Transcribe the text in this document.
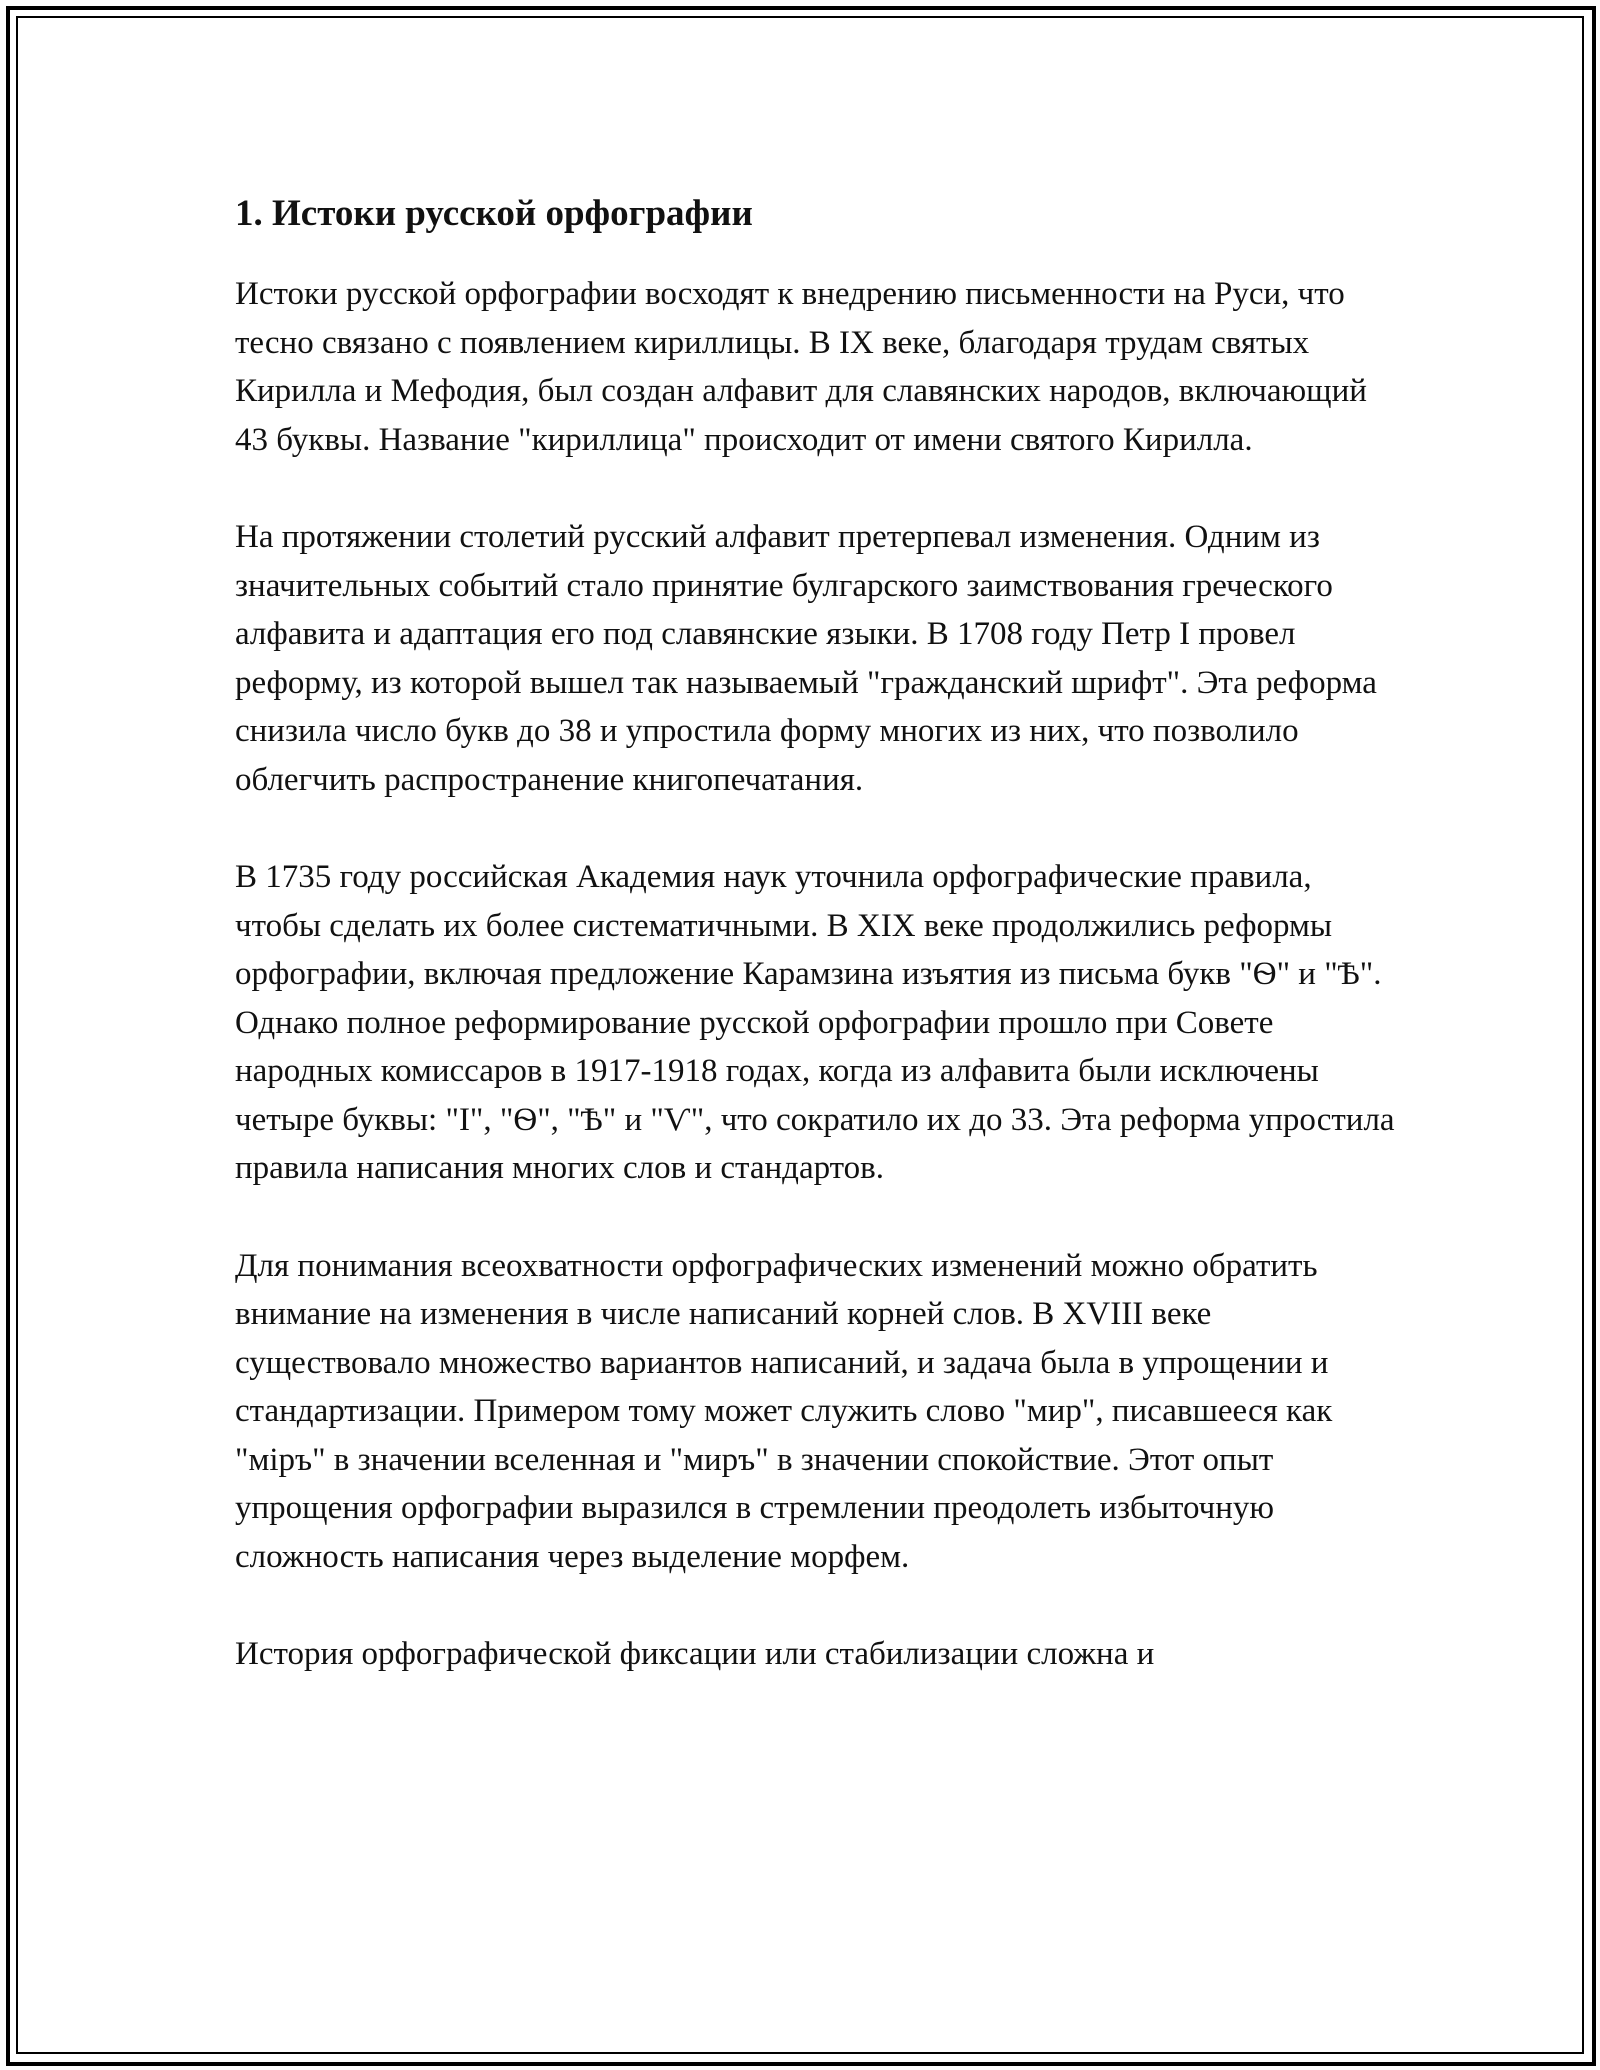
1. Истоки русской орфографии

Истоки русской орфографии восходят к внедрению письменности на Руси, что тесно связано с появлением кириллицы. В IX веке, благодаря трудам святых Кирилла и Мефодия, был создан алфавит для славянских народов, включающий 43 буквы. Название "кириллица" происходит от имени святого Кирилла.

На протяжении столетий русский алфавит претерпевал изменения. Одним из значительных событий стало принятие булгарского заимствования греческого алфавита и адаптация его под славянские языки. В 1708 году Петр I провел реформу, из которой вышел так называемый "гражданский шрифт". Эта реформа снизила число букв до 38 и упростила форму многих из них, что позволило облегчить распространение книгопечатания.

В 1735 году российская Академия наук уточнила орфографические правила, чтобы сделать их более систематичными. В XIX веке продолжились реформы орфографии, включая предложение Карамзина изъятия из письма букв "Ѳ" и "Ѣ". Однако полное реформирование русской орфографии прошло при Совете народных комиссаров в 1917-1918 годах, когда из алфавита были исключены четыре буквы: "I", "Ѳ", "Ѣ" и "Ѵ", что сократило их до 33. Эта реформа упростила правила написания многих слов и стандартов.

Для понимания всеохватности орфографических изменений можно обратить внимание на изменения в числе написаний корней слов. В XVIII веке существовало множество вариантов написаний, и задача была в упрощении и стандартизации. Примером тому может служить слово "мир", писавшееся как "міръ" в значении вселенная и "миръ" в значении спокойствие. Этот опыт упрощения орфографии выразился в стремлении преодолеть избыточную сложность написания через выделение морфем.

История орфографической фиксации или стабилизации сложна и
